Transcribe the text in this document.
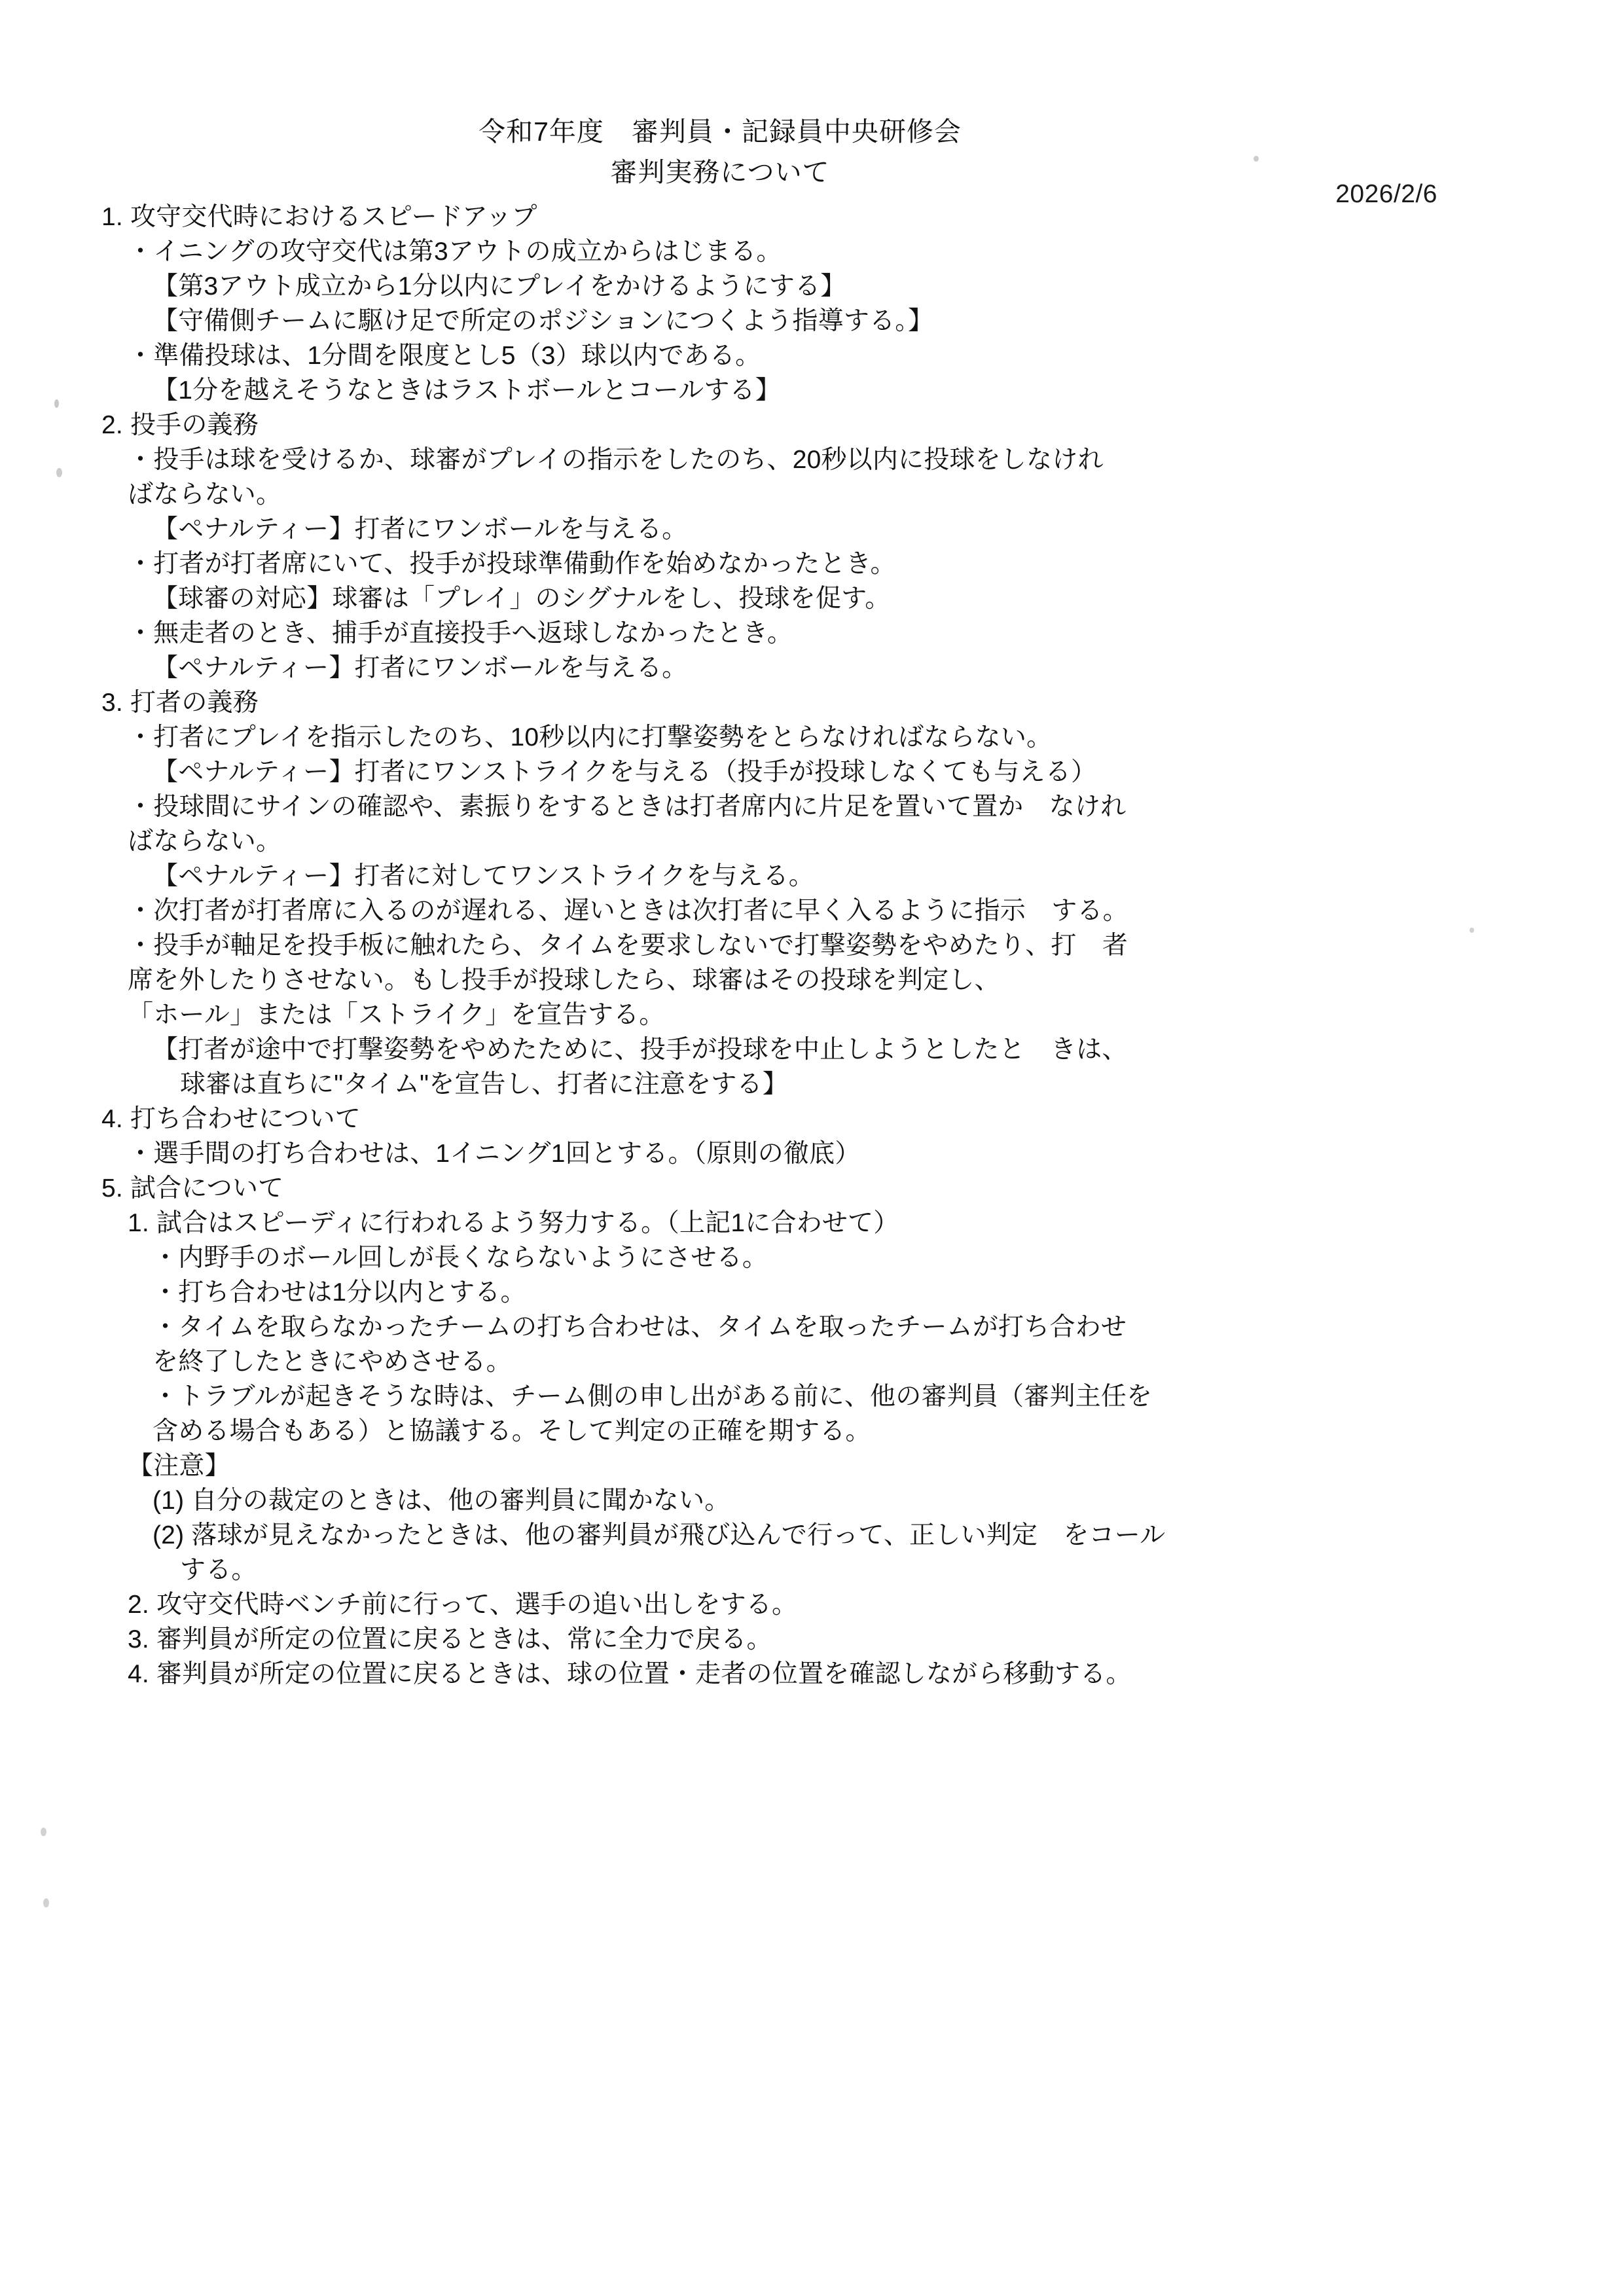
2026/2/6
令和7年度　審判員・記録員中央研修会
審判実務について
1. 攻守交代時におけるスピードアップ
・イニングの攻守交代は第3アウトの成立からはじまる。
【第3アウト成立から1分以内にプレイをかけるようにする】
【守備側チームに駆け足で所定のポジションにつくよう指導する。】
・準備投球は、1分間を限度とし5（3）球以内である。
【1分を越えそうなときはラストボールとコールする】
2. 投手の義務
・投手は球を受けるか、球審がプレイの指示をしたのち、20秒以内に投球をしなけれ
ばならない。
【ペナルティー】打者にワンボールを与える。
・打者が打者席にいて、投手が投球準備動作を始めなかったとき。
【球審の対応】球審は「プレイ」のシグナルをし、投球を促す。
・無走者のとき、捕手が直接投手へ返球しなかったとき。
【ペナルティー】打者にワンボールを与える。
3. 打者の義務
・打者にプレイを指示したのち、10秒以内に打撃姿勢をとらなければならない。
【ペナルティー】打者にワンストライクを与える（投手が投球しなくても与える）
・投球間にサインの確認や、素振りをするときは打者席内に片足を置いて置か　なけれ
ばならない。
【ペナルティー】打者に対してワンストライクを与える。
・次打者が打者席に入るのが遅れる、遅いときは次打者に早く入るように指示　する。
・投手が軸足を投手板に触れたら、タイムを要求しないで打撃姿勢をやめたり、打　者
席を外したりさせない。もし投手が投球したら、球審はその投球を判定し、
「ホール」または「ストライク」を宣告する。
【打者が途中で打撃姿勢をやめたために、投手が投球を中止しようとしたと　きは、
球審は直ちに"タイム"を宣告し、打者に注意をする】
4. 打ち合わせについて
・選手間の打ち合わせは、1イニング1回とする。（原則の徹底）
5. 試合について
1. 試合はスピーディに行われるよう努力する。（上記1に合わせて）
・内野手のボール回しが長くならないようにさせる。
・打ち合わせは1分以内とする。
・タイムを取らなかったチームの打ち合わせは、タイムを取ったチームが打ち合わせ
を終了したときにやめさせる。
・トラブルが起きそうな時は、チーム側の申し出がある前に、他の審判員（審判主任を
含める場合もある）と協議する。そして判定の正確を期する。
【注意】
(1) 自分の裁定のときは、他の審判員に聞かない。
(2) 落球が見えなかったときは、他の審判員が飛び込んで行って、正しい判定　をコール
する。
2. 攻守交代時ベンチ前に行って、選手の追い出しをする。
3. 審判員が所定の位置に戻るときは、常に全力で戻る。
4. 審判員が所定の位置に戻るときは、球の位置・走者の位置を確認しながら移動する。
